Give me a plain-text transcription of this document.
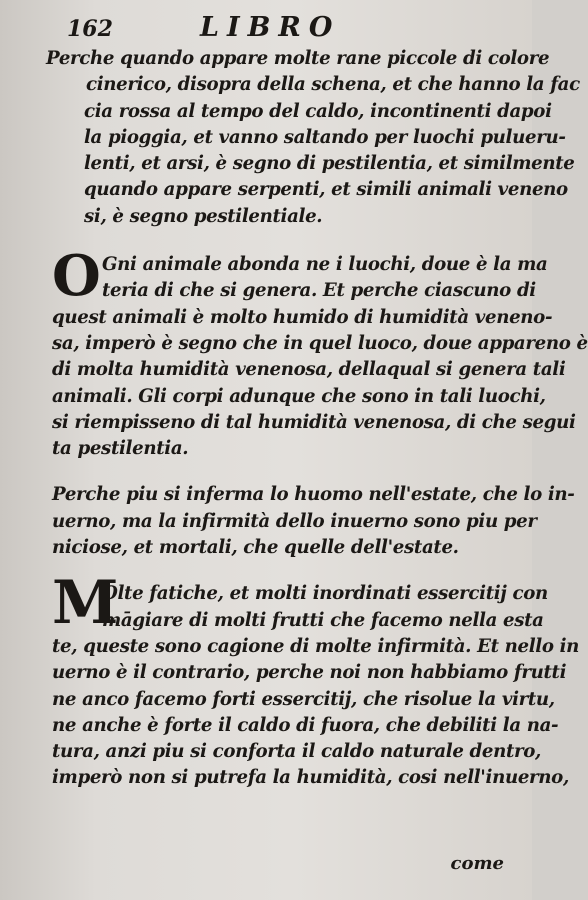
162	LIBRO
Perche quando appare molte rane piccole di colore
cinerico, disopra della schena, et che hanno la fac
cia rossa al tempo del caldo, incontinenti dapoi
la pioggia, et vanno saltando per luochi pulueru-
lenti, et arsi, è segno di pestilentia, et similmente
quando appare serpenti, et simili animali veneno
si, è segno pestilentiale.
O Gni animale abonda ne i luochi, doue è la ma
teria di che si genera. Et perche ciascuno di
quest animali è molto humido di humidità veneno-
sa, imperò è segno che in quel luoco, doue appareno è
di molta humidità venenosa, dellaqual si genera tali
animali. Gli corpi adunque che sono in tali luochi,
si riempisseno di tal humidità venenosa, di che segui
ta pestilentia.
Perche piu si inferma lo huomo nell'estate, che lo in-
uerno, ma la infirmità dello inuerno sono piu per
niciose, et mortali, che quelle dell'estate.
M
Olte fatiche, et molti inordinati essercitij con
māgiare di molti frutti che facemo nella esta
te, queste sono cagione di molte infirmità. Et nello in
uerno è il contrario, perche noi non habbiamo frutti
ne anco facemo forti essercitij, che risolue la virtu,
ne anche è forte il caldo di fuora, che debiliti la na-
tura, anzi piu si conforta il caldo naturale dentro,
imperò non si putrefa la humidità, cosi nell'inuerno,
come
